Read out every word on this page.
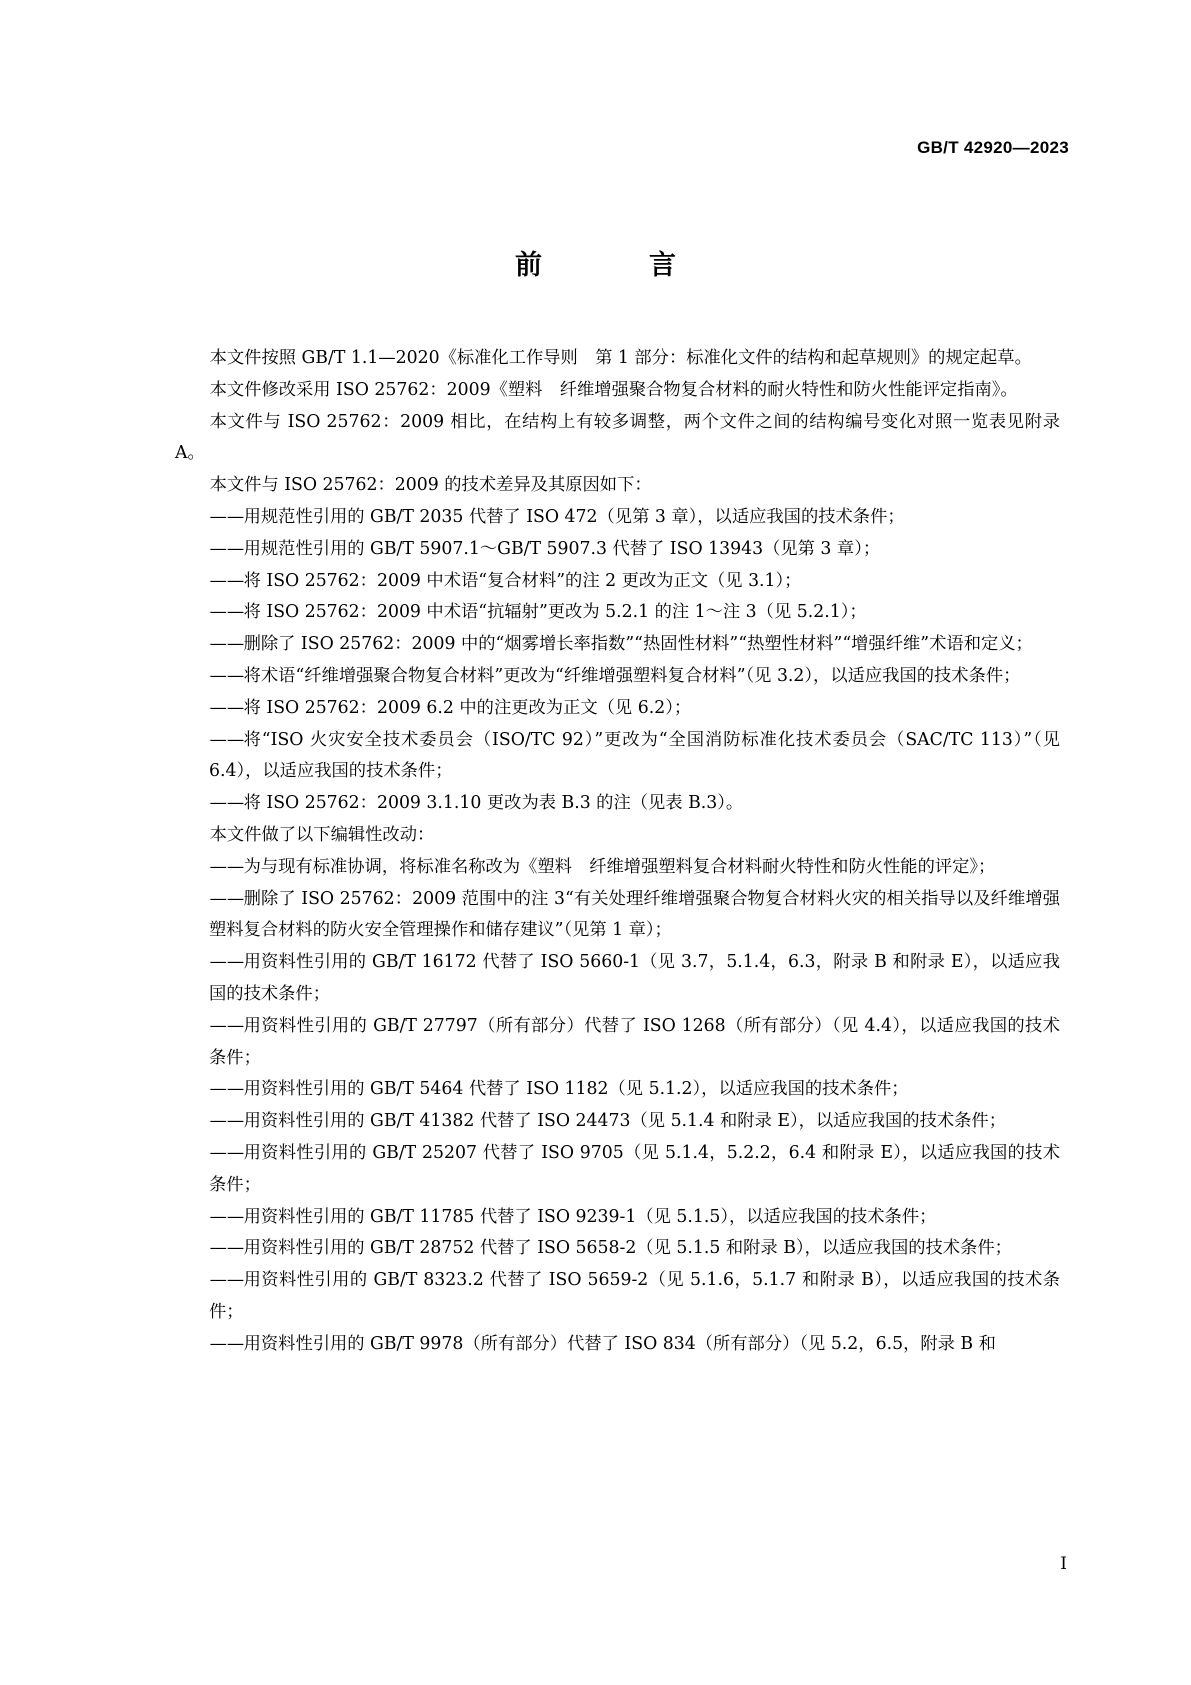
GB/T 42920—2023
前　言

本文件按照 GB/T 1.1—2020《标准化工作导则　第 1 部分：标准化文件的结构和起草规则》的规定起草。

本文件修改采用 ISO 25762：2009《塑料　纤维增强聚合物复合材料的耐火特性和防火性能评定指南》。

本文件与 ISO 25762：2009 相比，在结构上有较多调整，两个文件之间的结构编号变化对照一览表见附录 A。

本文件与 ISO 25762：2009 的技术差异及其原因如下：

—— 用规范性引用的 GB/T 2035 代替了 ISO 472（见第 3 章），以适应我国的技术条件；

—— 用规范性引用的 GB/T 5907.1～GB/T 5907.3 代替了 ISO 13943（见第 3 章）；

—— 将 ISO 25762：2009 中术语“复合材料”的注 2 更改为正文（见 3.1）；

—— 将 ISO 25762：2009 中术语“抗辐射”更改为 5.2.1 的注 1～注 3（见 5.2.1）；

—— 删除了 ISO 25762：2009 中的“烟雾增长率指数”“热固性材料”“热塑性材料”“增强纤维”术语和定义；

—— 将术语“纤维增强聚合物复合材料”更改为“纤维增强塑料复合材料”（见 3.2），以适应我国的技术条件；

—— 将 ISO 25762：2009 6.2 中的注更改为正文（见 6.2）；

—— 将“ISO 火灾安全技术委员会（ISO/TC 92）”更改为“全国消防标准化技术委员会（SAC/TC 113）”（见 6.4），以适应我国的技术条件；

—— 将 ISO 25762：2009 3.1.10 更改为表 B.3 的注（见表 B.3）。

本文件做了以下编辑性改动：

—— 为与现有标准协调，将标准名称改为《塑料　纤维增强塑料复合材料耐火特性和防火性能的评定》；

—— 删除了 ISO 25762：2009 范围中的注 3“有关处理纤维增强聚合物复合材料火灾的相关指导以及纤维增强塑料复合材料的防火安全管理操作和储存建议”（见第 1 章）；

—— 用资料性引用的 GB/T 16172 代替了 ISO 5660-1（见 3.7，5.1.4，6.3，附录 B 和附录 E），以适应我国的技术条件；

—— 用资料性引用的 GB/T 27797（所有部分）代替了 ISO 1268（所有部分）（见 4.4），以适应我国的技术条件；

—— 用资料性引用的 GB/T 5464 代替了 ISO 1182（见 5.1.2），以适应我国的技术条件；

—— 用资料性引用的 GB/T 41382 代替了 ISO 24473（见 5.1.4 和附录 E），以适应我国的技术条件；

—— 用资料性引用的 GB/T 25207 代替了 ISO 9705（见 5.1.4，5.2.2，6.4 和附录 E），以适应我国的技术条件；

—— 用资料性引用的 GB/T 11785 代替了 ISO 9239-1（见 5.1.5），以适应我国的技术条件；

—— 用资料性引用的 GB/T 28752 代替了 ISO 5658-2（见 5.1.5 和附录 B），以适应我国的技术条件；

—— 用资料性引用的 GB/T 8323.2 代替了 ISO 5659-2（见 5.1.6，5.1.7 和附录 B），以适应我国的技术条件；

—— 用资料性引用的 GB/T 9978（所有部分）代替了 ISO 834（所有部分）（见 5.2，6.5，附录 B 和

I
